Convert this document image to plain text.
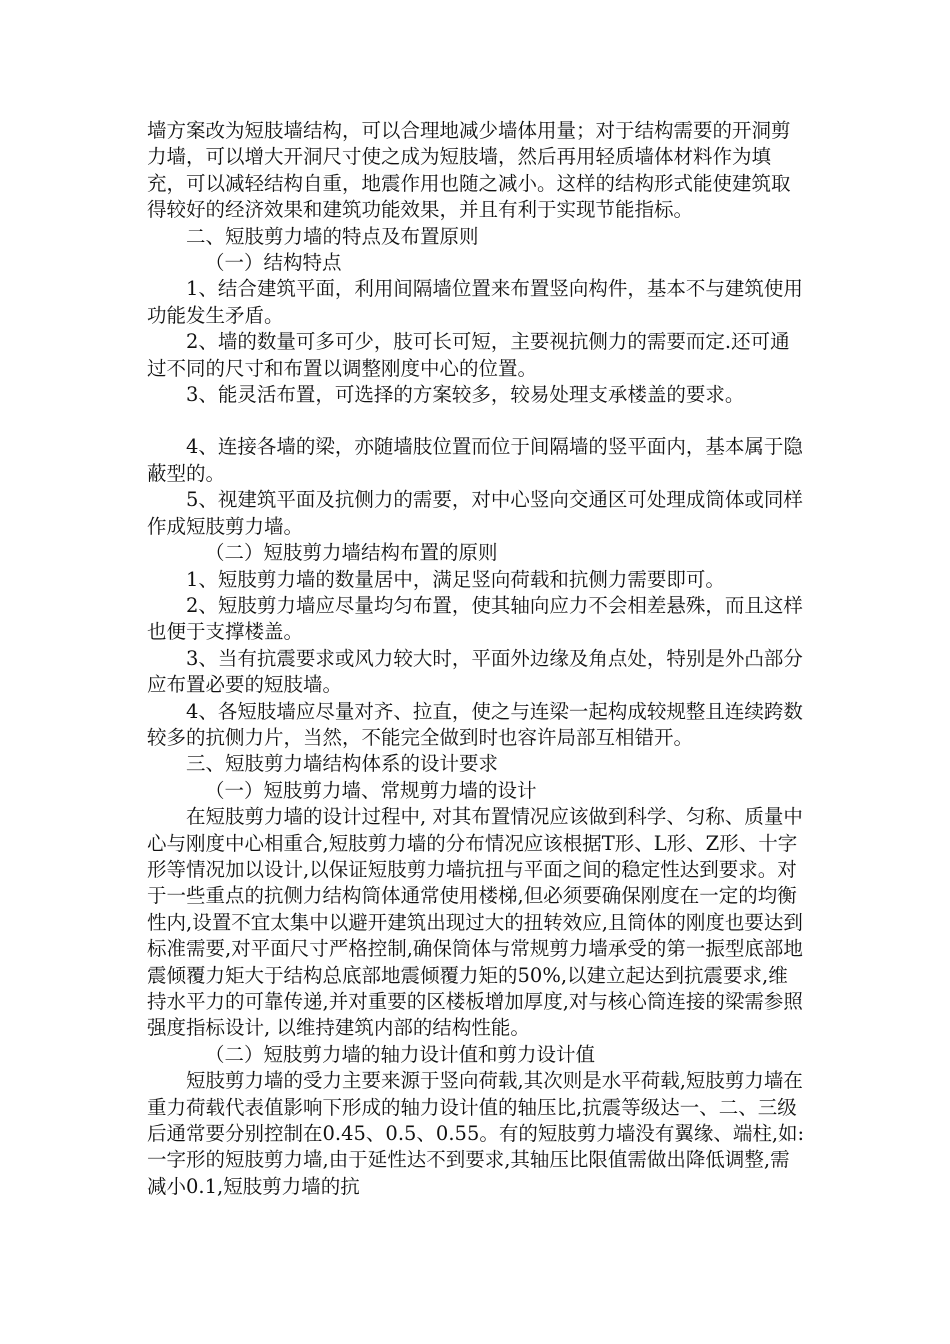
墙方案改为短肢墙结构，可以合理地减少墙体用量；对于结构需要的开洞剪力墙，可以增大开洞尺寸使之成为短肢墙，然后再用轻质墙体材料作为填充，可以减轻结构自重，地震作用也随之减小。这样的结构形式能使建筑取得较好的经济效果和建筑功能效果，并且有利于实现节能指标。

二、短肢剪力墙的特点及布置原则

（一）结构特点

1、结合建筑平面，利用间隔墙位置来布置竖向构件，基本不与建筑使用功能发生矛盾。

2、墙的数量可多可少，肢可长可短，主要视抗侧力的需要而定.还可通过不同的尺寸和布置以调整刚度中心的位置。

3、能灵活布置，可选择的方案较多，较易处理支承楼盖的要求。

4、连接各墙的梁，亦随墙肢位置而位于间隔墙的竖平面内，基本属于隐蔽型的。

5、视建筑平面及抗侧力的需要，对中心竖向交通区可处理成筒体或同样作成短肢剪力墙。

（二）短肢剪力墙结构布置的原则

1、短肢剪力墙的数量居中，满足竖向荷载和抗侧力需要即可。

2、短肢剪力墙应尽量均匀布置，使其轴向应力不会相差悬殊，而且这样也便于支撑楼盖。

3、当有抗震要求或风力较大时，平面外边缘及角点处，特别是外凸部分应布置必要的短肢墙。

4、各短肢墙应尽量对齐、拉直，使之与连梁一起构成较规整且连续跨数较多的抗侧力片，当然，不能完全做到时也容许局部互相错开。

三、短肢剪力墙结构体系的设计要求

（一）短肢剪力墙、常规剪力墙的设计

在短肢剪力墙的设计过程中, 对其布置情况应该做到科学、匀称、质量中心与刚度中心相重合,短肢剪力墙的分布情况应该根据T形、L形、Z形、十字形等情况加以设计,以保证短肢剪力墙抗扭与平面之间的稳定性达到要求。对于一些重点的抗侧力结构筒体通常使用楼梯,但必须要确保刚度在一定的均衡性内,设置不宜太集中以避开建筑出现过大的扭转效应,且筒体的刚度也要达到标准需要,对平面尺寸严格控制,确保筒体与常规剪力墙承受的第一振型底部地震倾覆力矩大于结构总底部地震倾覆力矩的50%,以建立起达到抗震要求,维持水平力的可靠传递,并对重要的区楼板增加厚度,对与核心筒连接的梁需参照强度指标设计, 以维持建筑内部的结构性能。

（二）短肢剪力墙的轴力设计值和剪力设计值

短肢剪力墙的受力主要来源于竖向荷载,其次则是水平荷载,短肢剪力墙在重力荷载代表值影响下形成的轴力设计值的轴压比,抗震等级达一、二、三级后通常要分别控制在0.45、0.5、0.55。有的短肢剪力墙没有翼缘、端柱,如:一字形的短肢剪力墙,由于延性达不到要求,其轴压比限值需做出降低调整,需减小0.1,短肢剪力墙的抗
